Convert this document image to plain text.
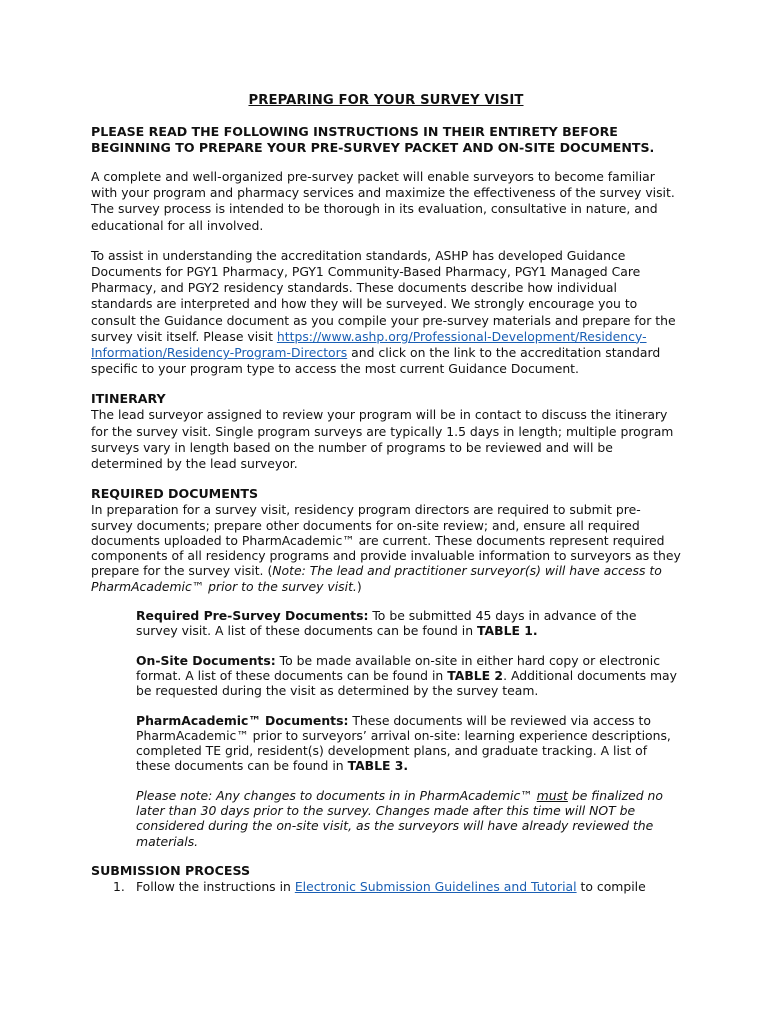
PREPARING FOR YOUR SURVEY VISIT
PLEASE READ THE FOLLOWING INSTRUCTIONS IN THEIR ENTIRETY BEFORE BEGINNING TO PREPARE YOUR PRE-SURVEY PACKET AND ON-SITE DOCUMENTS.

A complete and well-organized pre-survey packet will enable surveyors to become familiar with your program and pharmacy services and maximize the effectiveness of the survey visit. The survey process is intended to be thorough in its evaluation, consultative in nature, and educational for all involved.

To assist in understanding the accreditation standards, ASHP has developed Guidance Documents for PGY1 Pharmacy, PGY1 Community-Based Pharmacy, PGY1 Managed Care Pharmacy, and PGY2 residency standards. These documents describe how individual standards are interpreted and how they will be surveyed. We strongly encourage you to consult the Guidance document as you compile your pre-survey materials and prepare for the survey visit itself. Please visit https://www.ashp.org/Professional-Development/Residency-Information/Residency-Program-Directors and click on the link to the accreditation standard specific to your program type to access the most current Guidance Document.

ITINERARY

The lead surveyor assigned to review your program will be in contact to discuss the itinerary for the survey visit. Single program surveys are typically 1.5 days in length; multiple program surveys vary in length based on the number of programs to be reviewed and will be determined by the lead surveyor.

REQUIRED DOCUMENTS

In preparation for a survey visit, residency program directors are required to submit pre-survey documents; prepare other documents for on-site review; and, ensure all required documents uploaded to PharmAcademic™ are current. These documents represent required components of all residency programs and provide invaluable information to surveyors as they prepare for the survey visit. (Note: The lead and practitioner surveyor(s) will have access to PharmAcademic™ prior to the survey visit.)

Required Pre-Survey Documents: To be submitted 45 days in advance of the survey visit. A list of these documents can be found in TABLE 1.

On-Site Documents: To be made available on-site in either hard copy or electronic format. A list of these documents can be found in TABLE 2. Additional documents may be requested during the visit as determined by the survey team.

PharmAcademic™ Documents: These documents will be reviewed via access to PharmAcademic™ prior to surveyors’ arrival on-site: learning experience descriptions, completed TE grid, resident(s) development plans, and graduate tracking. A list of these documents can be found in TABLE 3.

Please note: Any changes to documents in in PharmAcademic™ must be finalized no later than 30 days prior to the survey. Changes made after this time will NOT be considered during the on-site visit, as the surveyors will have already reviewed the materials.

SUBMISSION PROCESS
1. Follow the instructions in Electronic Submission Guidelines and Tutorial to compile
